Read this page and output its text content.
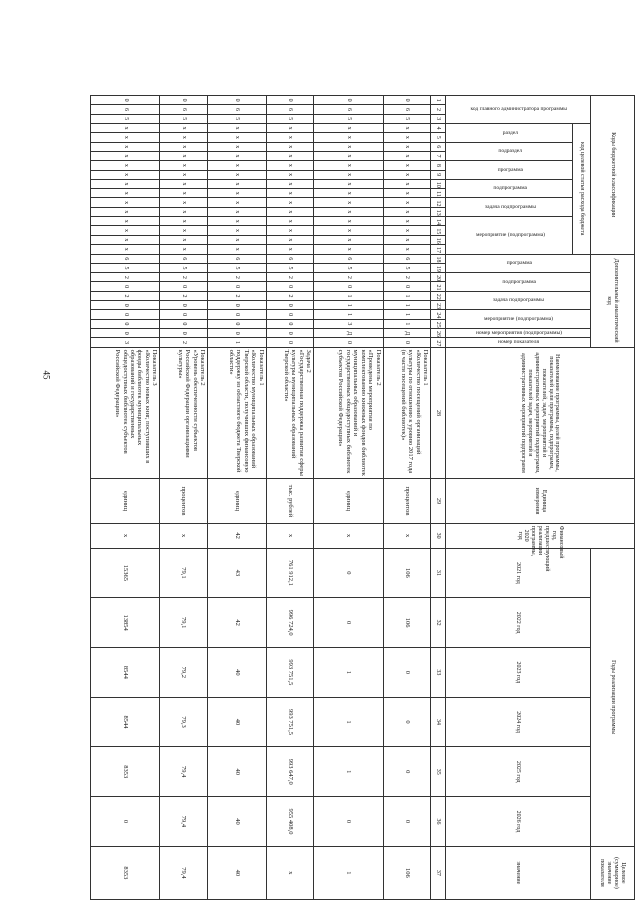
45
Коды бюджетной классификации																	Дополнительный аналитический код										Наименование программы, целей программы, показателей цели программы, подпрограмм, показателей, задач, мероприятий и административных мероприятий подпрограмм, показателей задач, мероприятий и административных мероприятий подпрограмм	Единица измерения	Финансовый год, предшествующий реализации программы, 2020 год	Годы реализации программы						Целевое (суммарное) значение показателя
код главного администратора программы			код целевой статьи расхода бюджета														программа		подпрограмма		задача подпрограммы		мероприятие (подпрограмма)		номер мероприятия (подпрограммы)	номер показателя				2021 год	2022 год	2023 год	2024 год	2025 год	2026 год	значение
			раздел		подраздел		программа		подпрограмма		задача подпрограммы		мероприятие (подпрограмма)																							
1	2	3	4	5	6	7	8	9	10	11	12	13	14	15	16	17	18	19	20	21	22	23	24	25	26	27	28	29	30	31	32	33	34	35	36	37
0	6	5	х	х	х	х	х	х	х	х	х	х	х	х	х	х	6	5	2	0	1	1	1	1	Д	0	Показатель 1
«Количество посещений организаций культуры по отношению к уровню 2017 года (в части посещений библиотек)»	процентов	х	106	106	0	0	0	0	106
0	6	5	х	х	х	х	х	х	х	х	х	х	х	х	х	х	6	5	2	0	1	1	1	3	Д	0	Показатель 2
«Проведены мероприятия по комплектованию книжных фондов библиотек муниципальных образований и государственных общедоступных библиотек субъектов Российской Федерации»	единиц	х	0	0	1	1	1	0	1
0	6	5	х	х	х	х	х	х	х	х	х	х	х	х	х	х	6	5	2	0	2	0	0	0	0	0	Задача 2
«Государственная поддержка развития сферы культуры муниципальных образований Тверской области»	тыс. рублей	х	761 912,1	996 724,0	993 751,5	993 751,5	993 647,0	955 408,0	х
0	6	5	х	х	х	х	х	х	х	х	х	х	х	х	х	х	6	5	2	0	2	0	0	0	0	1	Показатель 1
«Количество муниципальных образований Тверской области, получивших финансовую поддержку из областного бюджета Тверской области»	единиц	42	43	42	40	40	40	40	40
0	6	5	х	х	х	х	х	х	х	х	х	х	х	х	х	х	6	5	2	0	2	0	0	0	0	2	Показатель 2
«Уровень обеспеченности субъектов Российской Федерации организациями культуры»	процентов	х	79,1	79,1	79,2	79,3	79,4	79,4	79,4
0	6	5	х	х	х	х	х	х	х	х	х	х	х	х	х	х	6	5	2	0	2	0	0	0	0	3	Показатель 3
«Количество новых книг, поступивших в фонды библиотек муниципальных образований и государственных общедоступных библиотек субъектов Российской Федерации»	единиц	х	15365	13854	8544	8544	8353	0	8353
